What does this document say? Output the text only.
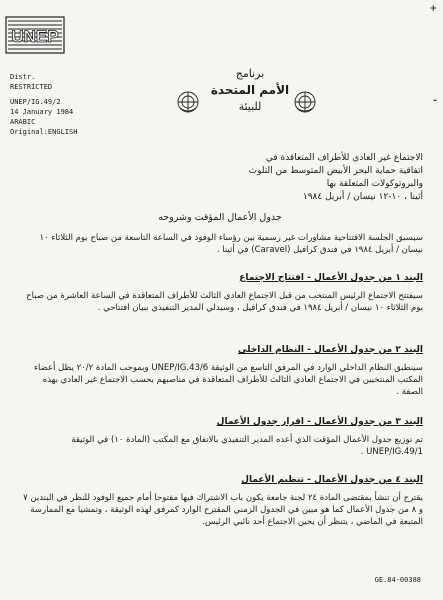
+
-
UNEP
Distr.
RESTRICTED
UNEP/IG.49/2
14 January 1984
ARABIC
Original:ENGLISH
برنامج
الأمم المتحدة
للبيئة
الاجتماع غير العادي للأطراف المتعاقدة في
اتفاقية حماية البحر الأبيض المتوسط من التلوث
والبروتوكولات المتعلقة بها
أثينا ، ١٠-١٢ نيسان / أبريل ١٩٨٤
جدول الأعمال المؤقت وشروحه
سيسبق الجلسة الافتتاحية مشاورات غير رسمية بين رؤساء الوفود في الساعة التاسعة من صباح يوم الثلاثاء ١٠ نيسان / أبريل ١٩٨٤ في فندق كرافيل (Caravel) في أثينا .
البند ١ من جدول الأعمال - افتتاح الاجتماع
سيفتتح الاجتماع الرئيس المنتخب من قبل الاجتماع العادي الثالث للأطراف المتعاقدة في الساعة العاشرة من صباح يوم الثلاثاء ١٠ نيسان / أبريل ١٩٨٤ في فندق كرافيل ، وسيدلي المدير التنفيذي ببيان افتتاحي .
البند ٢ من جدول الأعمال - النظام الداخلي
سينطبق النظام الداخلي الوارد في المرفق التاسع من الوثيقة UNEP/IG.43/6 وبموجب المادة ٢٠/٢ يظل أعضاء المكتب المنتخبين في الاجتماع العادي الثالث للأطراف المتعاقدة في مناصبهم بحسب الاجتماع غير العادي بهذه الصفة .
البند ٣ من جدول الأعمال - اقرار جدول الأعمال
تم توزيع جدول الأعمال المؤقت الذي أعده المدير التنفيذي بالاتفاق مع المكتب (المادة ١٠) في الوثيقة UNEP/IG.49/1 .
البند ٤ من جدول الأعمال - تنظيم الأعمال
يقترح أن تنشأ بمقتضى المادة ٢٤ لجنة جامعة يكون باب الاشتراك فيها مفتوحا أمام جميع الوفود للنظر في البندين ٧ و ٨ من جدول الأعمال كما هو مبين في الجدول الزمني المقترح الوارد كمرفق لهذه الوثيقة ، وتمشيا مع الممارسة المتبعة في الماضي ، يتنظر أن يحين الاجتماع أحد نائبي الرئيس.
GE.84-00388
